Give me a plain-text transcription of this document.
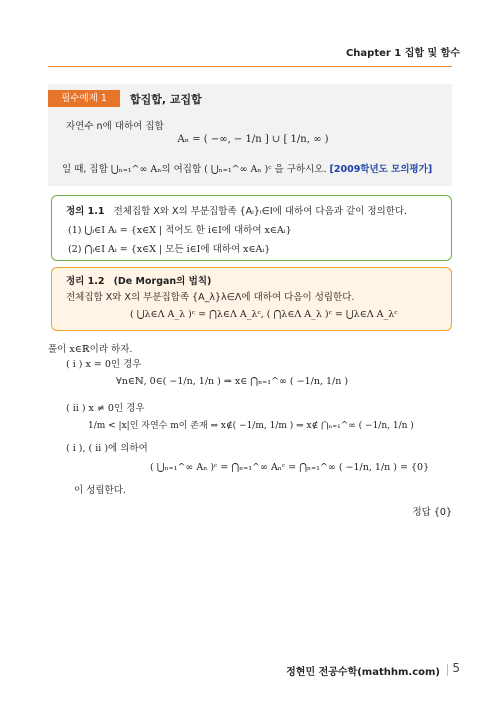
Chapter 1 집합 및 함수
필수예제 1	합집합, 교집합
자연수 n에 대하여 집합
Aₙ = ( −∞, − 1/n ] ∪ [ 1/n, ∞ )
일 때, 집합 ⋃ₙ₌₁^∞ Aₙ의 여집합 ( ⋃ₙ₌₁^∞ Aₙ )ᶜ 을 구하시오. [2009학년도 모의평가]
정의 1.1 전체집합 X와 X의 부분집합족 {Aᵢ}ᵢ∈I에 대하여 다음과 같이 정의한다.
(1) ⋃ᵢ∈I Aᵢ = {x∈X | 적어도 한 i∈I에 대하여 x∈Aᵢ}
(2) ⋂ᵢ∈I Aᵢ = {x∈X | 모든 i∈I에 대하여 x∈Aᵢ}
정리 1.2 (De Morgan의 법칙)
전체집합 X와 X의 부분집합족 {A_λ}λ∈Λ에 대하여 다음이 성립한다.
( ⋃λ∈Λ A_λ )ᶜ = ⋂λ∈Λ A_λᶜ, ( ⋂λ∈Λ A_λ )ᶜ = ⋃λ∈Λ A_λᶜ
풀이 x∈ℝ이라 하자.
( i ) x = 0인 경우
∀n∈ℕ, 0∈( −1/n, 1/n ) ⇒ x∈ ⋂ₙ₌₁^∞ ( −1/n, 1/n )
( ii ) x ≠ 0인 경우
1/m < |x|인 자연수 m이 존재 ⇒ x∉( −1/m, 1/m ) ⇒ x∉ ⋂ₙ₌₁^∞ ( −1/n, 1/n )
( i ), ( ii )에 의하여
( ⋃ₙ₌₁^∞ Aₙ )ᶜ = ⋂ₙ₌₁^∞ Aₙᶜ = ⋂ₙ₌₁^∞ ( −1/n, 1/n ) = {0}
이 성립한다.
정답 {0}
정현민 전공수학(mathhm.com) 5
